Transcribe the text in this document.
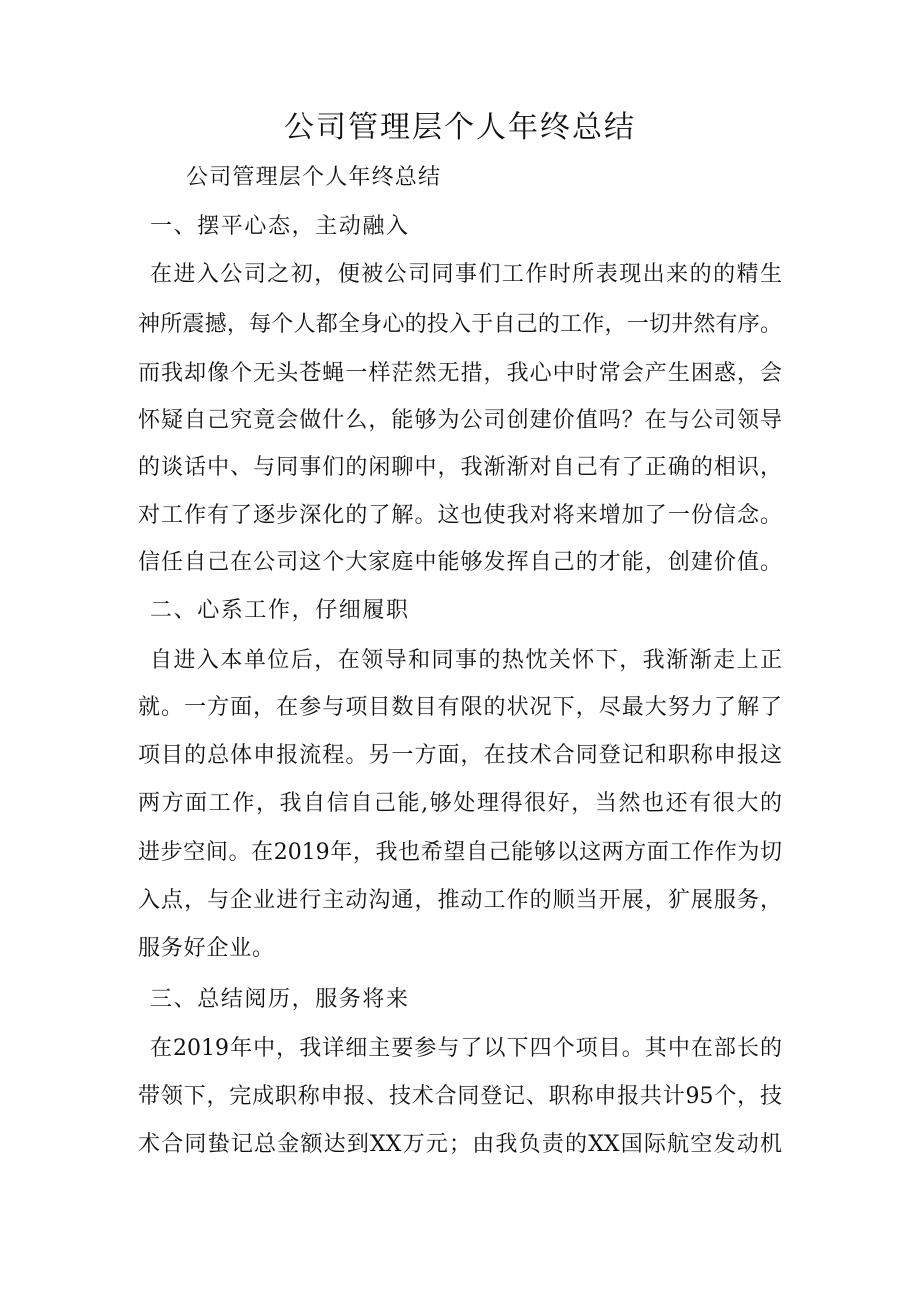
公司管理层个人年终总结
公司管理层个人年终总结
一、摆平心态，主动融入
在进入公司之初，便被公司同事们工作时所表现出来的的精生
神所震撼，每个人都全身心的投入于自己的工作，一切井然有序。
而我却像个无头苍蝇一样茫然无措，我心中时常会产生困惑，会
怀疑自己究竟会做什么，能够为公司创建价值吗？在与公司领导
的谈话中、与同事们的闲聊中，我渐渐对自己有了正确的相识，
对工作有了逐步深化的了解。这也使我对将来增加了一份信念。
信任自己在公司这个大家庭中能够发挥自己的才能，创建价值。
二、心系工作，仔细履职
自进入本单位后，在领导和同事的热忱关怀下，我渐渐走上正
就。一方面，在参与项目数目有限的状况下，尽最大努力了解了
项目的总体申报流程。另一方面，在技术合同登记和职称申报这
两方面工作，我自信自己能,够处理得很好，当然也还有很大的
进步空间。在2019年，我也希望自己能够以这两方面工作作为切
入点，与企业进行主动沟通，推动工作的顺当开展，犷展服务，
服务好企业。
三、总结阅历，服务将来
在2019年中，我详细主要参与了以下四个项目。其中在部长的
带领下，完成职称申报、技术合同登记、职称申报共计95个，技
术合同蛰记总金额达到XX万元；由我负责的XX国际航空发动机
